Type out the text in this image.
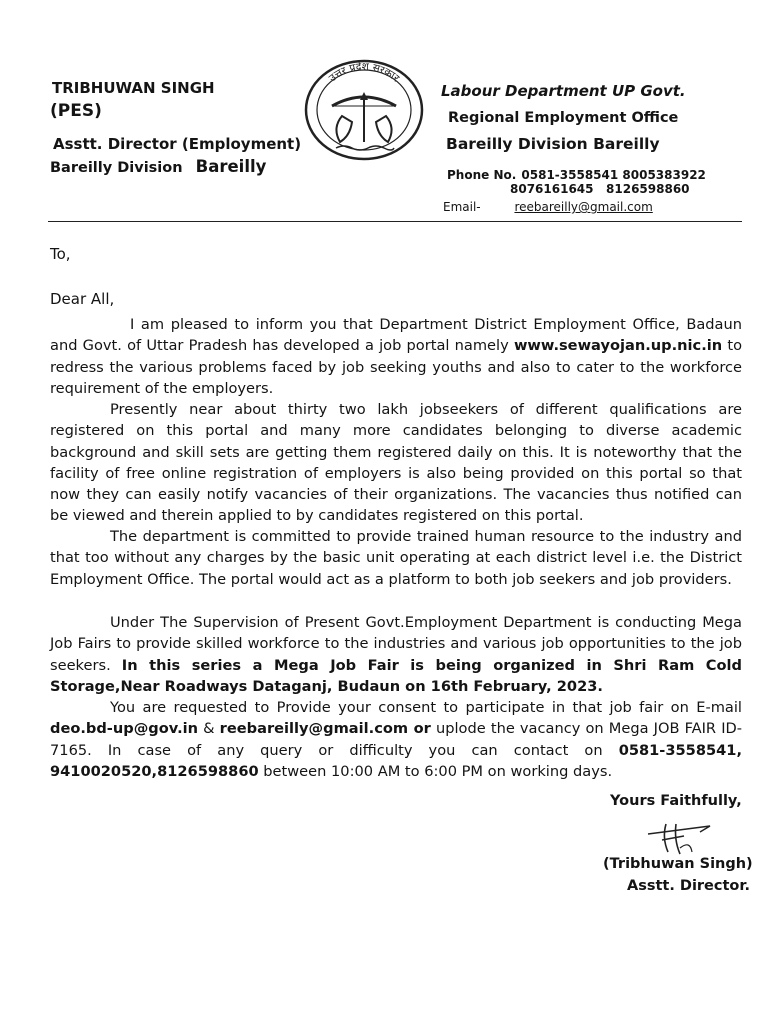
TRIBHUWAN SINGH
(PES)
Asstt. Director (Employment)
Bareilly Division Bareilly
उत्तर प्रदेश सरकार
Labour Department UP Govt.
Regional Employment Office
Bareilly Division Bareilly
Phone No. 0581-3558541 8005383922
8076161645   8126598860
Email-	reebareilly@gmail.com
To,
Dear All,
I am pleased to inform you that Department District Employment Office, Badaun and Govt. of Uttar Pradesh has developed a job portal namely www.sewayojan.up.nic.in to redress the various problems faced by job seeking youths and also to cater to the workforce requirement of the employers.
Presently near about thirty two lakh jobseekers of different qualifications are registered on this portal and many more candidates belonging to diverse academic background and skill sets are getting them registered daily on this. It is noteworthy that the facility of free online registration of employers is also being provided on this portal so that now they can easily notify vacancies of their organizations. The vacancies thus notified can be viewed and therein applied to by candidates registered on this portal.
The department is committed to provide trained human resource to the industry and that too without any charges by the basic unit operating at each district level i.e. the District Employment Office. The portal would act as a platform to both job seekers and job providers.
Under The Supervision of Present Govt.Employment Department is conducting Mega Job Fairs to provide skilled workforce to the industries and various job opportunities to the job seekers. In this series a Mega Job Fair is being organized in Shri Ram Cold Storage,Near Roadways Dataganj, Budaun on 16th February, 2023.
You are requested to Provide your consent to participate in that job fair on E-mail deo.bd-up@gov.in & reebareilly@gmail.com or uplode the vacancy on Mega JOB FAIR ID-7165. In case of any query or difficulty you can contact on 0581-3558541, 9410020520,8126598860 between 10:00 AM to 6:00 PM on working days.
Yours Faithfully,
(Tribhuwan Singh)
Asstt. Director.
